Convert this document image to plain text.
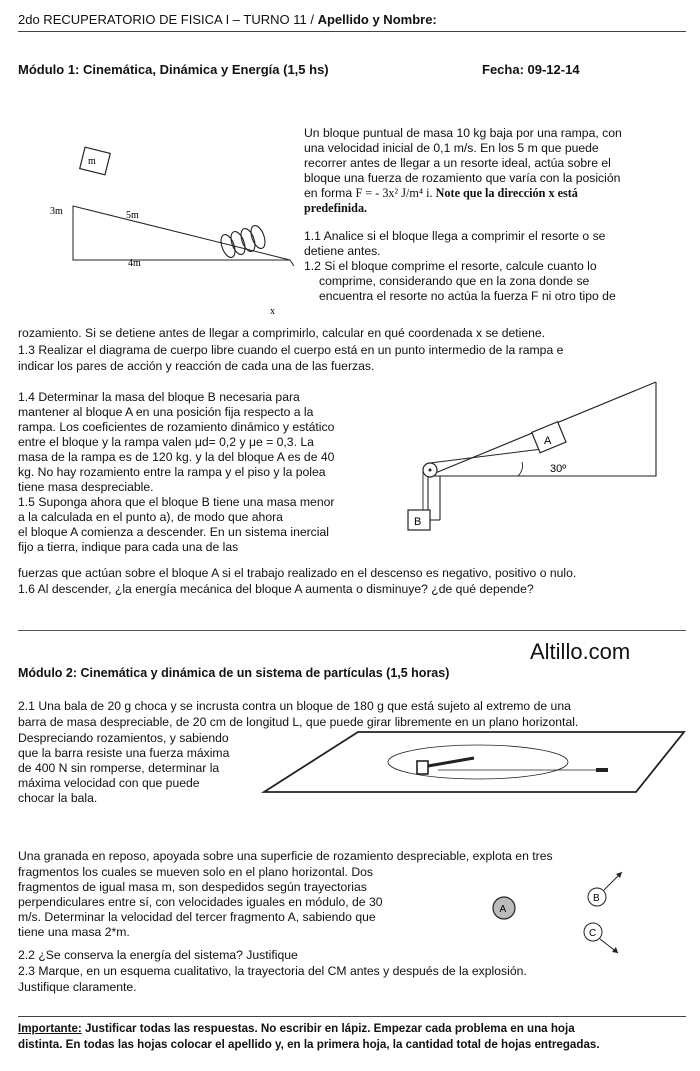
2do RECUPERATORIO DE FISICA I – TURNO 11 / Apellido y Nombre:
Módulo 1: Cinemática, Dinámica y Energía (1,5 hs)	Fecha: 09-12-14
m
3m	5m
4m
x
Un bloque puntual de masa 10 kg baja por una rampa, con
una velocidad inicial de 0,1 m/s. En los 5 m que puede
recorrer antes de llegar a un resorte ideal, actúa sobre el
bloque una fuerza de rozamiento que varía con la posición
en forma F = - 3x² J/m⁴ i. Note que la dirección x está
predefinida.
1.1 Analice si el bloque llega a comprimir el resorte o se
detiene antes.
1.2 Si el bloque comprime el resorte, calcule cuanto lo
comprime, considerando que en la zona donde se
encuentra el resorte no actúa la fuerza F ni otro tipo de
rozamiento. Si se detiene antes de llegar a comprimirlo, calcular en qué coordenada x se detiene.
1.3 Realizar el diagrama de cuerpo libre cuando el cuerpo está en un punto intermedio de la rampa e
indicar los pares de acción y reacción de cada una de las fuerzas.
1.4 Determinar la masa del bloque B necesaria para
mantener al bloque A en una posición fija respecto a la
rampa. Los coeficientes de rozamiento dinámico y estático
entre el bloque y la rampa valen μd= 0,2 y μe = 0,3. La
masa de la rampa es de 120 kg. y la del bloque A es de 40
kg. No hay rozamiento entre la rampa y el piso y la polea
tiene masa despreciable.
1.5 Suponga ahora que el bloque B tiene una masa menor
a la calculada en el punto a), de modo que ahora
el bloque A comienza a descender. En un sistema inercial
fijo a tierra, indique para cada una de las
fuerzas que actúan sobre el bloque A si el trabajo realizado en el descenso es negativo, positivo o nulo.
1.6 Al descender, ¿la energía mecánica del bloque A aumenta o disminuye? ¿de qué depende?
A
B
30º
Altillo.com
Módulo 2: Cinemática y dinámica de un sistema de partículas (1,5 horas)
2.1 Una bala de 20 g choca y se incrusta contra un bloque de 180 g que está sujeto al extremo de una
barra de masa despreciable, de 20 cm de longitud L, que puede girar libremente en un plano horizontal.
Despreciando rozamientos, y sabiendo
que la barra resiste una fuerza máxima
de 400 N sin romperse, determinar la
máxima velocidad con que puede
chocar la bala.
Una granada en reposo, apoyada sobre una superficie de rozamiento despreciable, explota en tres
fragmentos los cuales se mueven solo en el plano horizontal. Dos
fragmentos de igual masa m, son despedidos según trayectorias
perpendiculares entre sí, con velocidades iguales en módulo, de 30
m/s. Determinar la velocidad del tercer fragmento A, sabiendo que
tiene una masa 2*m.
2.2 ¿Se conserva la energía del sistema? Justifique
2.3 Marque, en un esquema cualitativo, la trayectoria del CM antes y después de la explosión.
Justifique claramente.
A
B
C
Importante: Justificar todas las respuestas. No escribir en lápiz. Empezar cada problema en una hoja
distinta. En todas las hojas colocar el apellido y, en la primera hoja, la cantidad total de hojas entregadas.
